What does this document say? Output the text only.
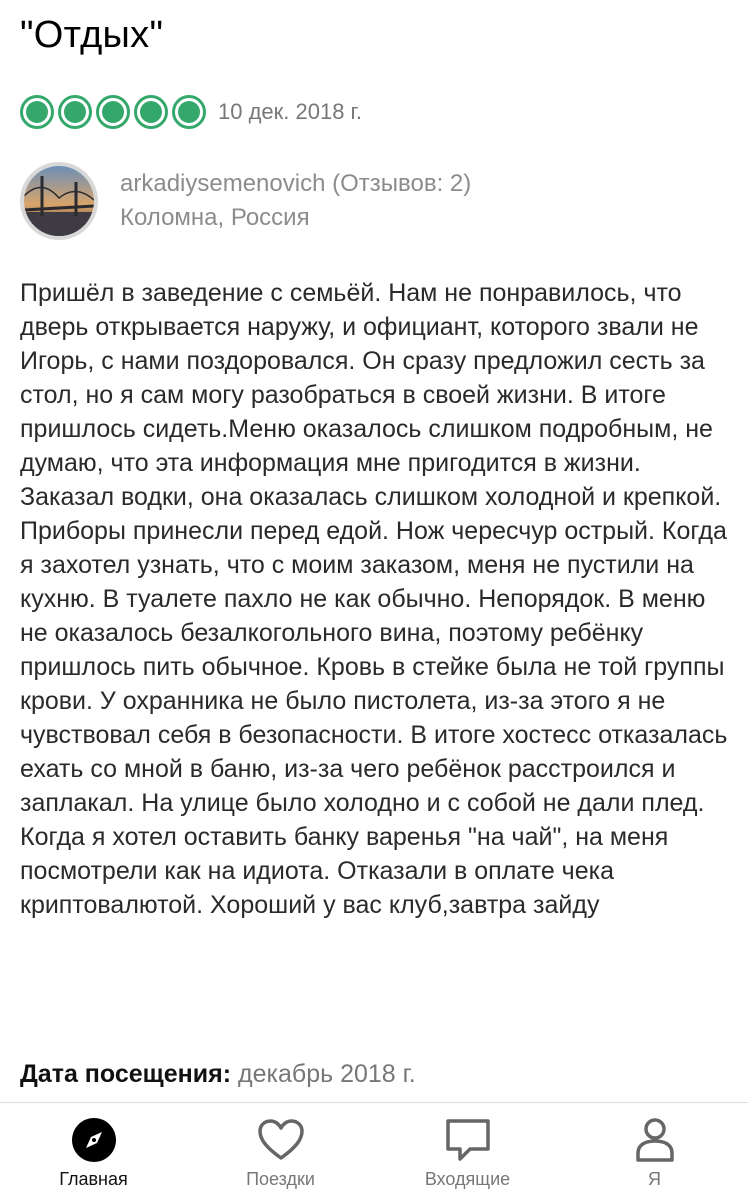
"Отдых"
10 дек. 2018 г.
arkadiysemenovich (Отзывов: 2)
Коломна, Россия

Пришёл в заведение с семьёй. Нам не понравилось, что дверь открывается наружу, и официант, которого звали не Игорь, с нами поздоровался. Он сразу предложил сесть за стол, но я сам могу разобраться в своей жизни. В итоге пришлось сидеть.Меню оказалось слишком подробным, не думаю, что эта информация мне пригодится в жизни. Заказал водки, она оказалась слишком холодной и крепкой. Приборы принесли перед едой. Нож чересчур острый. Когда я захотел узнать, что с моим заказом, меня не пустили на кухню. В туалете пахло не как обычно. Непорядок. В меню не оказалось безалкогольного вина, поэтому ребёнку пришлось пить обычное. Кровь в стейке была не той группы крови. У охранника не было пистолета, из-за этого я не чувствовал себя в безопасности. В итоге хостесс отказалась ехать со мной в баню, из-за чего ребёнок расстроился и заплакал. На улице было холодно и с собой не дали плед. Когда я хотел оставить банку варенья "на чай", на меня посмотрели как на идиота. Отказали в оплате чека криптовалютой. Хороший у вас клуб,завтра зайду

Дата посещения: декабрь 2018 г.
Главная	Поездки	Входящие	Я
